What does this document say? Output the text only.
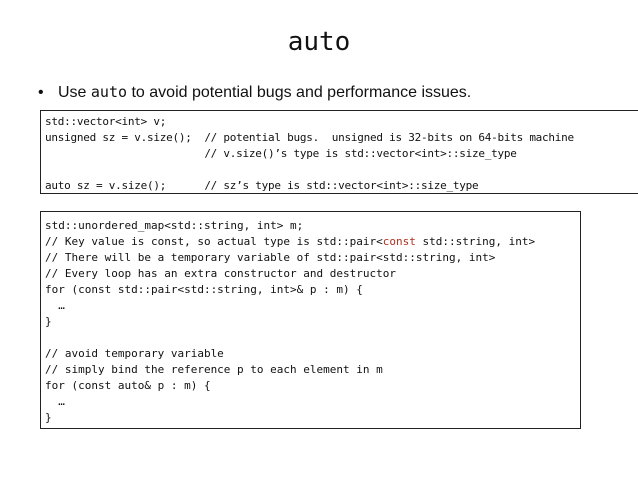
auto
• Use auto to avoid potential bugs and performance issues.
std::vector<int> v;
unsigned sz = v.size();  // potential bugs.  unsigned is 32-bits on 64-bits machine
// v.size()’s type is std::vector<int>::size_type
auto sz = v.size();      // sz’s type is std::vector<int>::size_type
std::unordered_map<std::string, int> m;
// Key value is const, so actual type is std::pair<const std::string, int>
// There will be a temporary variable of std::pair<std::string, int>
// Every loop has an extra constructor and destructor
for (const std::pair<std::string, int>& p : m) {
…
}
// avoid temporary variable
// simply bind the reference p to each element in m
for (const auto& p : m) {
…
}
